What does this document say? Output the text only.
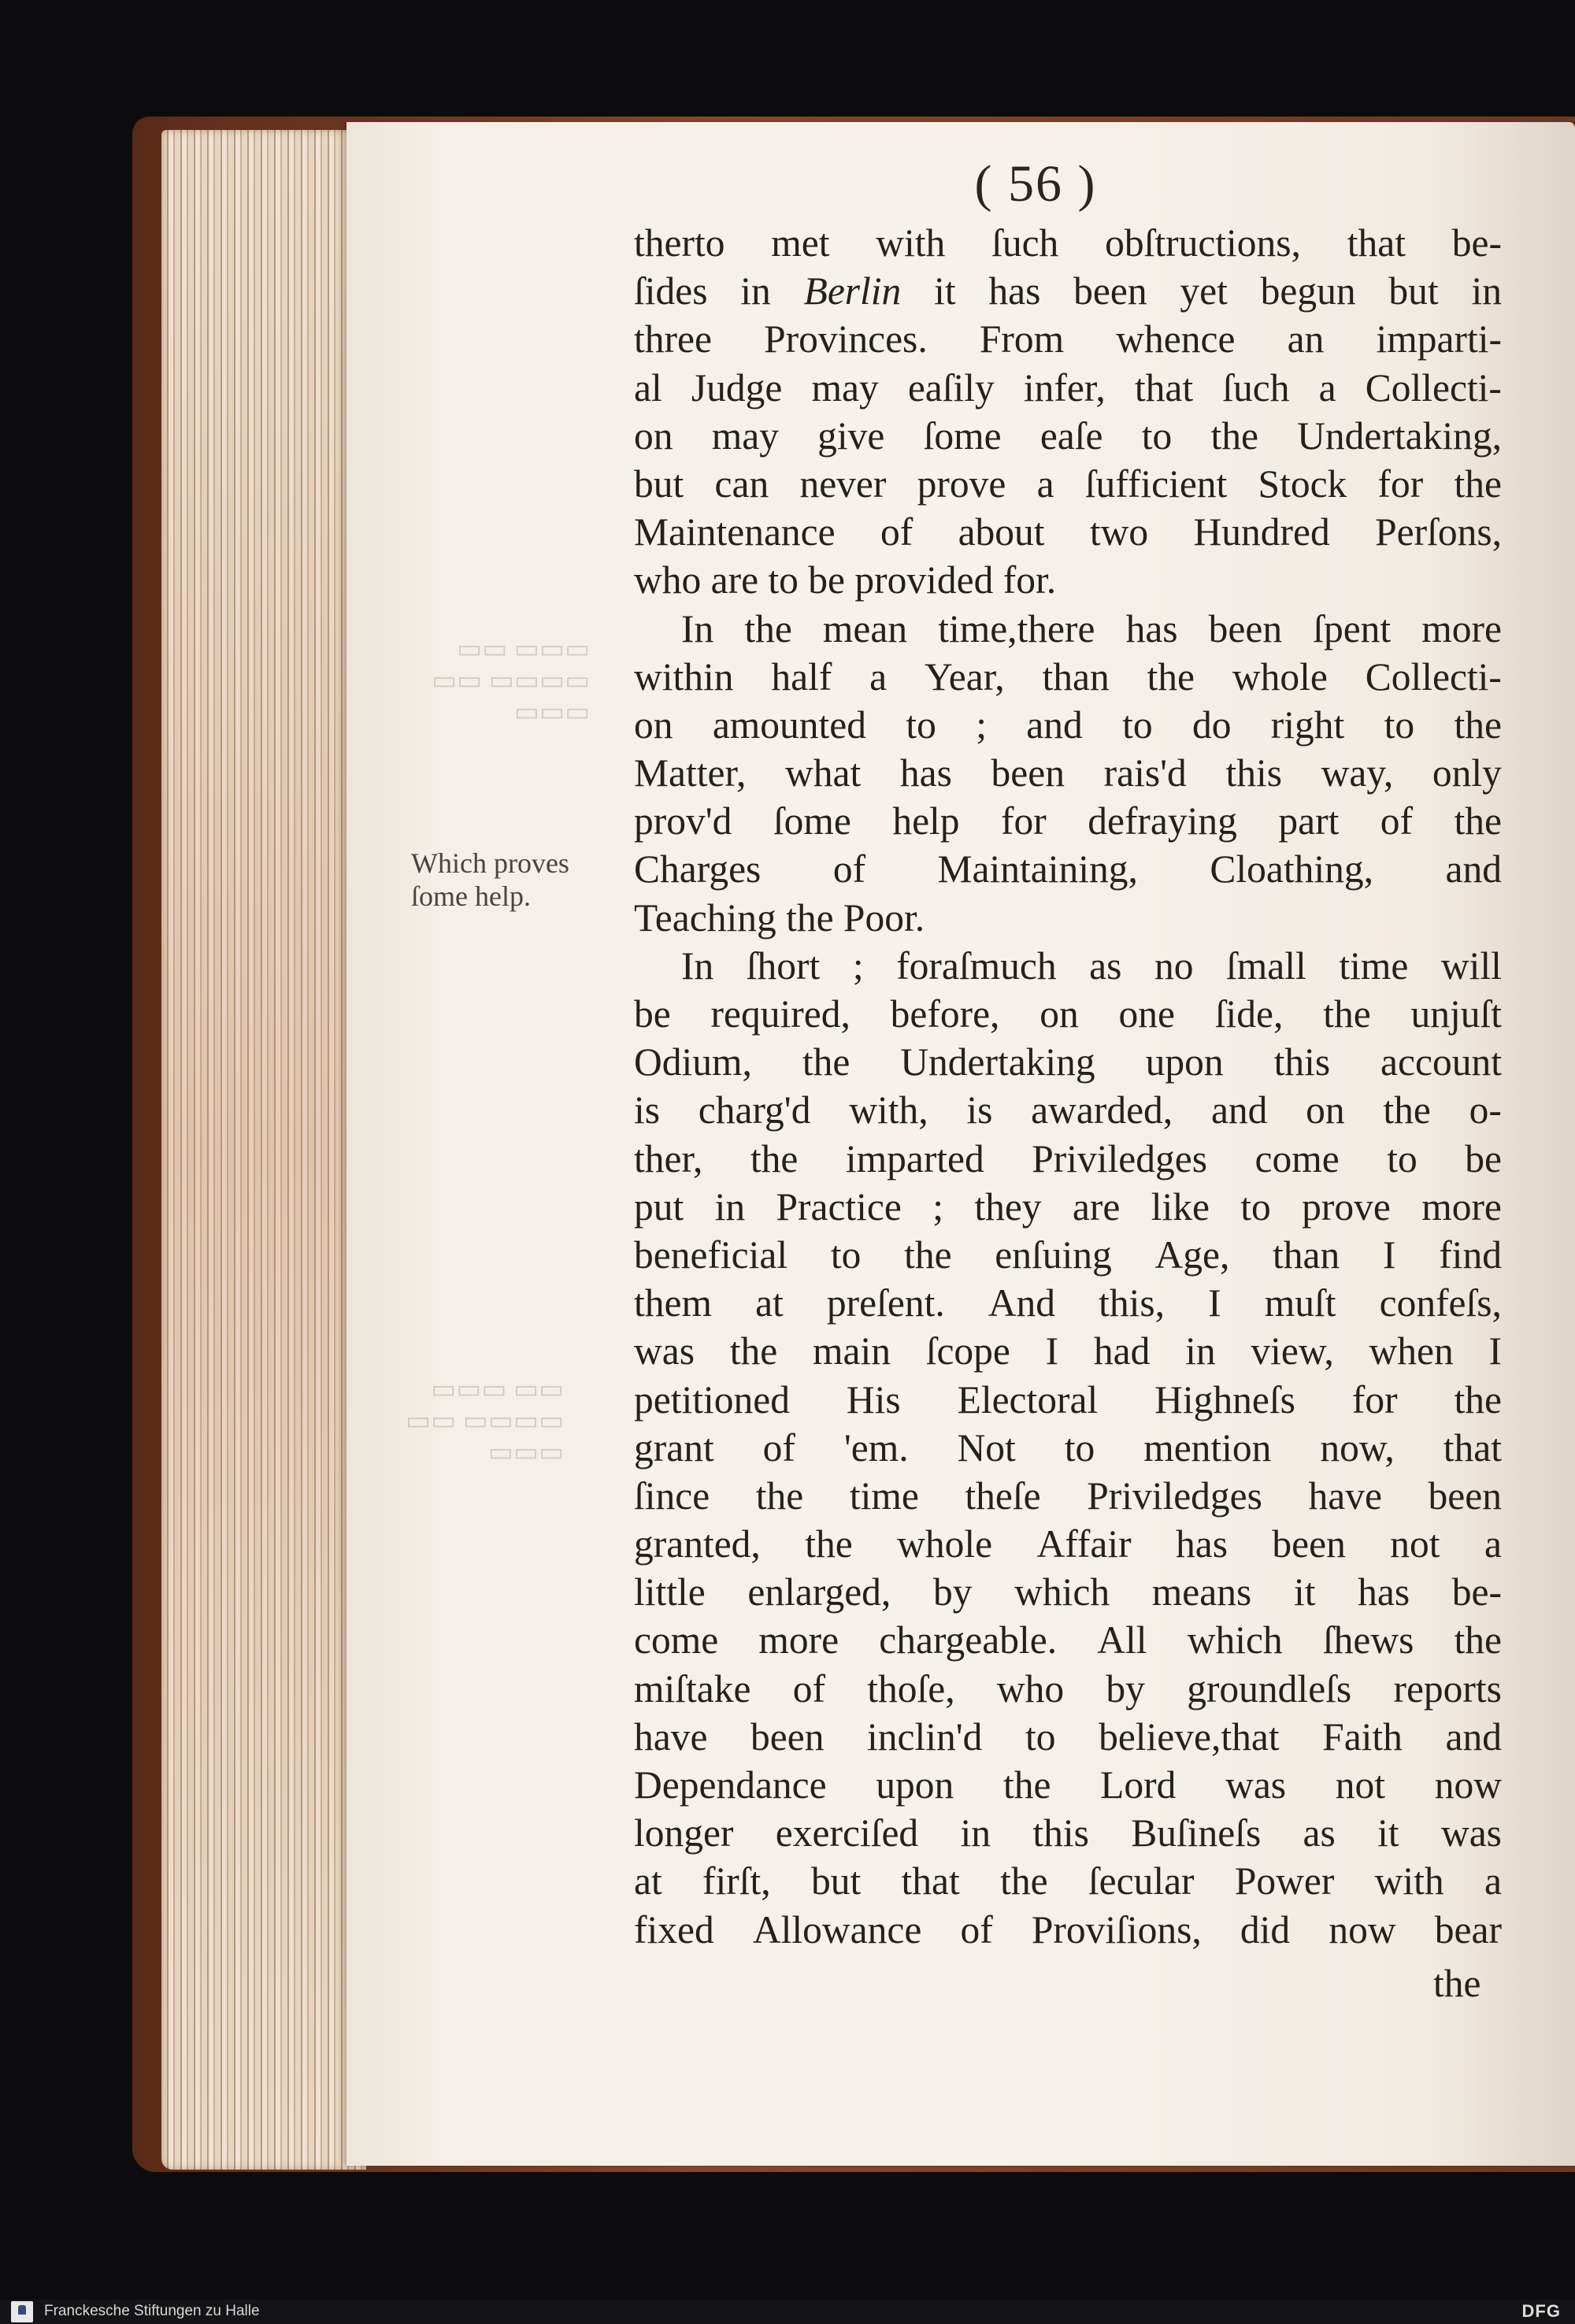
▭▭▭ ▭▭
▭▭▭▭ ▭▭
▭▭▭
▭▭ ▭▭▭
▭▭▭▭ ▭▭
▭▭▭
( 56 )
Which proves
ſome help.
therto met with ſuch obſtructions, that be-
ſides in Berlin it has been yet begun but in
three Provinces. From whence an imparti-
al Judge may eaſily infer, that ſuch a Collecti-
on may give ſome eaſe to the Undertaking,
but can never prove a ſufficient Stock for the
Maintenance of about two Hundred Perſons,
who are to be provided for.
In the mean time,there has been ſpent more
within half a Year, than the whole Collecti-
on amounted to ; and to do right to the
Matter, what has been rais'd this way, only
prov'd ſome help for defraying part of the
Charges of Maintaining, Cloathing, and
Teaching the Poor.
In ſhort ; foraſmuch as no ſmall time will
be required, before, on one ſide, the unjuſt
Odium, the Undertaking upon this account
is charg'd with, is awarded, and on the o-
ther, the imparted Priviledges come to be
put in Practice ; they are like to prove more
beneficial to the enſuing Age, than I find
them at preſent. And this, I muſt confeſs,
was the main ſcope I had in view, when I
petitioned His Electoral Highneſs for the
grant of 'em. Not to mention now, that
ſince the time theſe Priviledges have been
granted, the whole Affair has been not a
little enlarged, by which means it has be-
come more chargeable. All which ſhews the
miſtake of thoſe, who by groundleſs reports
have been inclin'd to believe,that Faith and
Dependance upon the Lord was not now
longer exerciſed in this Buſineſs as it was
at firſt, but that the ſecular Power with a
fixed Allowance of Proviſions, did now bear
the
Franckesche Stiftungen zu Halle	DFG
